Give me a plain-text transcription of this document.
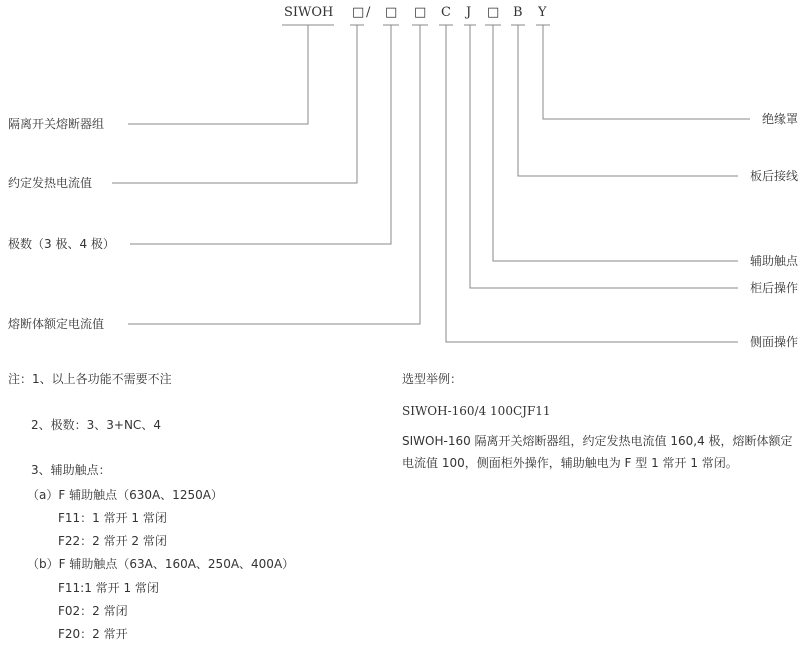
SIWOH □ / □ □ C J □ B Y
隔离开关熔断器组
约定发热电流值
极数（3 极、4 极）
熔断体额定电流值
绝缘罩
板后接线
辅助触点
柜后操作
侧面操作
注：1、以上各功能不需要不注
2、极数：3、3+NC、4
3、辅助触点：
（a）F 辅助触点（630A、1250A）
F11：1 常开 1 常闭
F22：2 常开 2 常闭
（b）F 辅助触点（63A、160A、250A、400A）
F11:1 常开 1 常闭
F02：2 常闭
F20：2 常开
选型举例：
SIWOH-160/4 100CJF11
SIWOH-160 隔离开关熔断器组，约定发热电流值 160,4 极，熔断体额定电流值 100，侧面柜外操作，辅助触电为 F 型 1 常开 1 常闭。
